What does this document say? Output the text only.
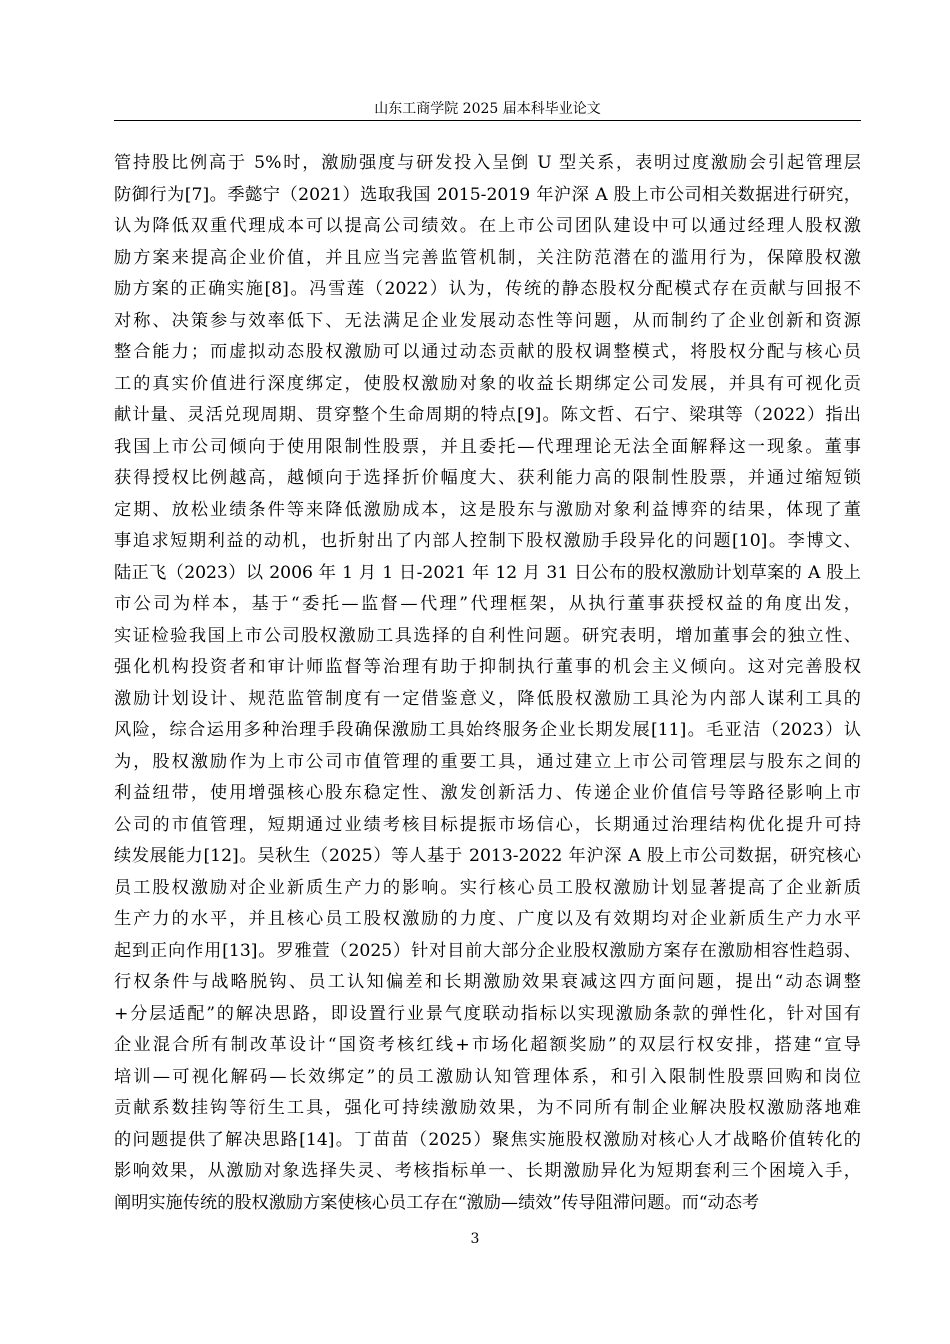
山东工商学院 2025 届本科毕业论文
管持股比例高于 5%时，激励强度与研发投入呈倒 U 型关系，表明过度激励会引起管理层
防御行为[7]。季懿宁（2021）选取我国 2015-2019 年沪深 A 股上市公司相关数据进行研究，
认为降低双重代理成本可以提高公司绩效。在上市公司团队建设中可以通过经理人股权激
励方案来提高企业价值，并且应当完善监管机制，关注防范潜在的滥用行为，保障股权激
励方案的正确实施[8]。冯雪莲（2022）认为，传统的静态股权分配模式存在贡献与回报不
对称、决策参与效率低下、无法满足企业发展动态性等问题，从而制约了企业创新和资源
整合能力；而虚拟动态股权激励可以通过动态贡献的股权调整模式，将股权分配与核心员
工的真实价值进行深度绑定，使股权激励对象的收益长期绑定公司发展，并具有可视化贡
献计量、灵活兑现周期、贯穿整个生命周期的特点[9]。陈文哲、石宁、梁琪等（2022）指出
我国上市公司倾向于使用限制性股票，并且委托—代理理论无法全面解释这一现象。董事
获得授权比例越高，越倾向于选择折价幅度大、获利能力高的限制性股票，并通过缩短锁
定期、放松业绩条件等来降低激励成本，这是股东与激励对象利益博弈的结果，体现了董
事追求短期利益的动机，也折射出了内部人控制下股权激励手段异化的问题[10]。李博文、
陆正飞（2023）以 2006 年 1 月 1 日-2021 年 12 月 31 日公布的股权激励计划草案的 A 股上
市公司为样本，基于“委托—监督—代理”代理框架，从执行董事获授权益的角度出发，
实证检验我国上市公司股权激励工具选择的自利性问题。研究表明，增加董事会的独立性、
强化机构投资者和审计师监督等治理有助于抑制执行董事的机会主义倾向。这对完善股权
激励计划设计、规范监管制度有一定借鉴意义，降低股权激励工具沦为内部人谋利工具的
风险，综合运用多种治理手段确保激励工具始终服务企业长期发展[11]。毛亚洁（2023）认
为，股权激励作为上市公司市值管理的重要工具，通过建立上市公司管理层与股东之间的
利益纽带，使用增强核心股东稳定性、激发创新活力、传递企业价值信号等路径影响上市
公司的市值管理，短期通过业绩考核目标提振市场信心，长期通过治理结构优化提升可持
续发展能力[12]。吴秋生（2025）等人基于 2013-2022 年沪深 A 股上市公司数据，研究核心
员工股权激励对企业新质生产力的影响。实行核心员工股权激励计划显著提高了企业新质
生产力的水平，并且核心员工股权激励的力度、广度以及有效期均对企业新质生产力水平
起到正向作用[13]。罗雅萱（2025）针对目前大部分企业股权激励方案存在激励相容性趋弱、
行权条件与战略脱钩、员工认知偏差和长期激励效果衰减这四方面问题，提出“动态调整
+分层适配”的解决思路，即设置行业景气度联动指标以实现激励条款的弹性化，针对国有
企业混合所有制改革设计“国资考核红线+市场化超额奖励”的双层行权安排，搭建“宣导
培训—可视化解码—长效绑定”的员工激励认知管理体系，和引入限制性股票回购和岗位
贡献系数挂钩等衍生工具，强化可持续激励效果，为不同所有制企业解决股权激励落地难
的问题提供了解决思路[14]。丁苗苗（2025）聚焦实施股权激励对核心人才战略价值转化的
影响效果，从激励对象选择失灵、考核指标单一、长期激励异化为短期套利三个困境入手，
阐明实施传统的股权激励方案使核心员工存在“激励—绩效”传导阻滞问题。而“动态考
3
